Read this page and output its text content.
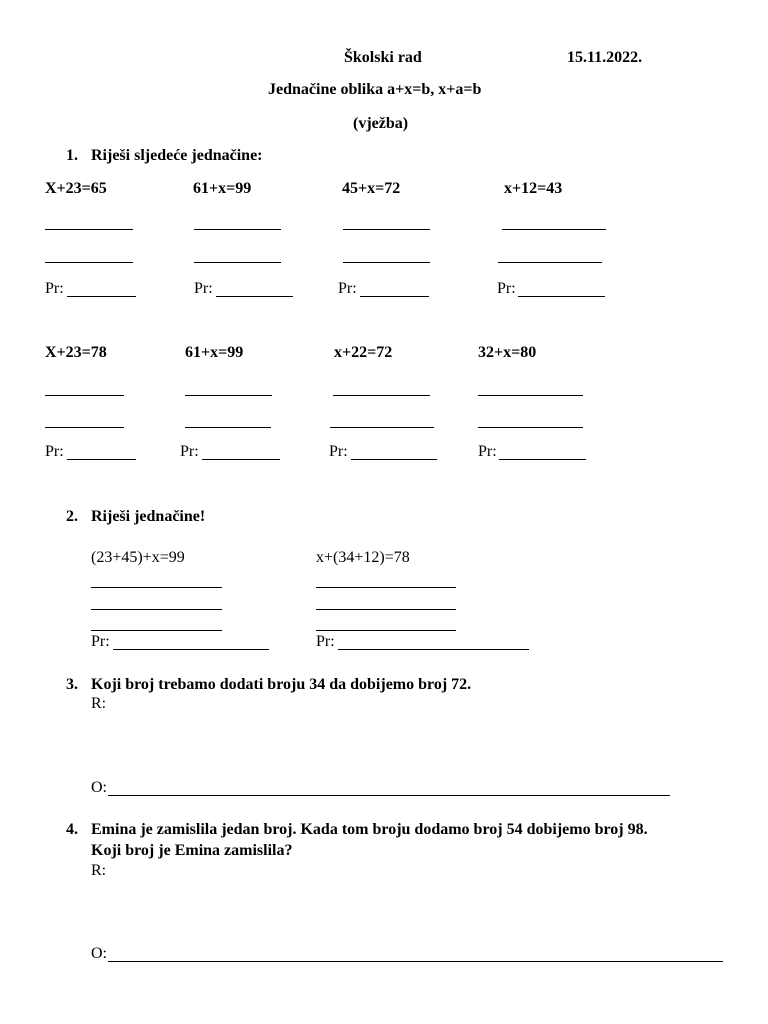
Školski rad	15.11.2022.
Jednačine oblika a+x=b, x+a=b
(vježba)
1. Riješi sljedeće jednačine:
X+23=65	61+x=99	45+x=72	x+12=43
Pr:	Pr:	Pr:	Pr:
X+23=78	61+x=99	x+22=72	32+x=80
Pr:	Pr:	Pr:	Pr:
2. Riješi jednačine!
(23+45)+x=99	x+(34+12)=78
Pr:	Pr:
3. Koji broj trebamo dodati broju 34 da dobijemo broj 72.
R:
O:
4. Emina je zamislila jedan broj. Kada tom broju dodamo broj 54 dobijemo broj 98.
Koji broj je Emina zamislila?
R:
O:
